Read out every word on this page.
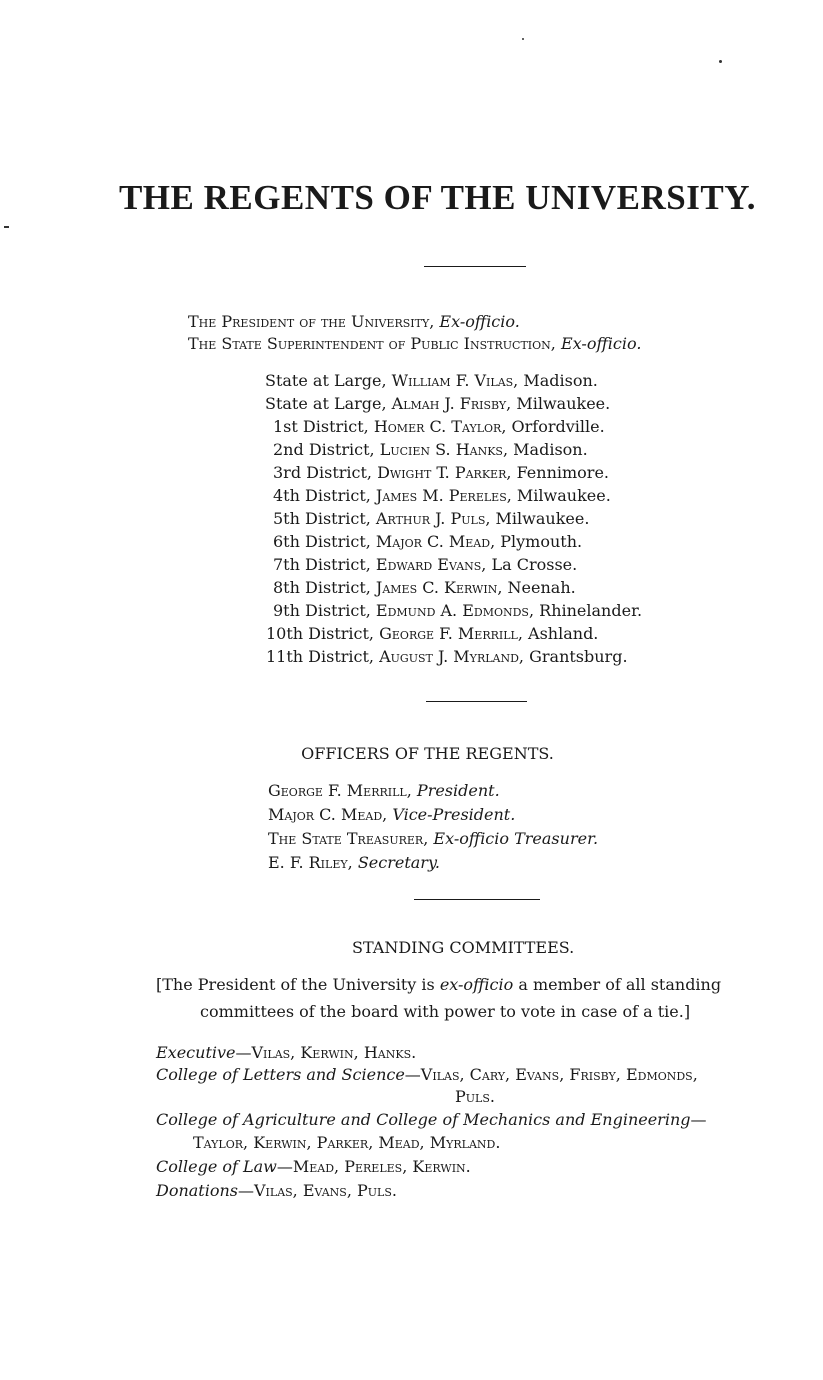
THE REGENTS OF THE UNIVERSITY.
The President of the University, Ex-officio.
The State Superintendent of Public Instruction, Ex-officio.
State at Large, William F. Vilas, Madison.
State at Large, Almah J. Frisby, Milwaukee.
1st District, Homer C. Taylor, Orfordville.
2nd District, Lucien S. Hanks, Madison.
3rd District, Dwight T. Parker, Fennimore.
4th District, James M. Pereles, Milwaukee.
5th District, Arthur J. Puls, Milwaukee.
6th District, Major C. Mead, Plymouth.
7th District, Edward Evans, La Crosse.
8th District, James C. Kerwin, Neenah.
9th District, Edmund A. Edmonds, Rhinelander.
10th District, George F. Merrill, Ashland.
11th District, August J. Myrland, Grantsburg.
OFFICERS OF THE REGENTS.
George F. Merrill, President.
Major C. Mead, Vice-President.
The State Treasurer, Ex-officio Treasurer.
E. F. Riley, Secretary.
STANDING COMMITTEES.
[The President of the University is ex-officio a member of all standing
committees of the board with power to vote in case of a tie.]
Executive—Vilas, Kerwin, Hanks.
College of Letters and Science—Vilas, Cary, Evans, Frisby, Edmonds,
Puls.
College of Agriculture and College of Mechanics and Engineering—
Taylor, Kerwin, Parker, Mead, Myrland.
College of Law—Mead, Pereles, Kerwin.
Donations—Vilas, Evans, Puls.
